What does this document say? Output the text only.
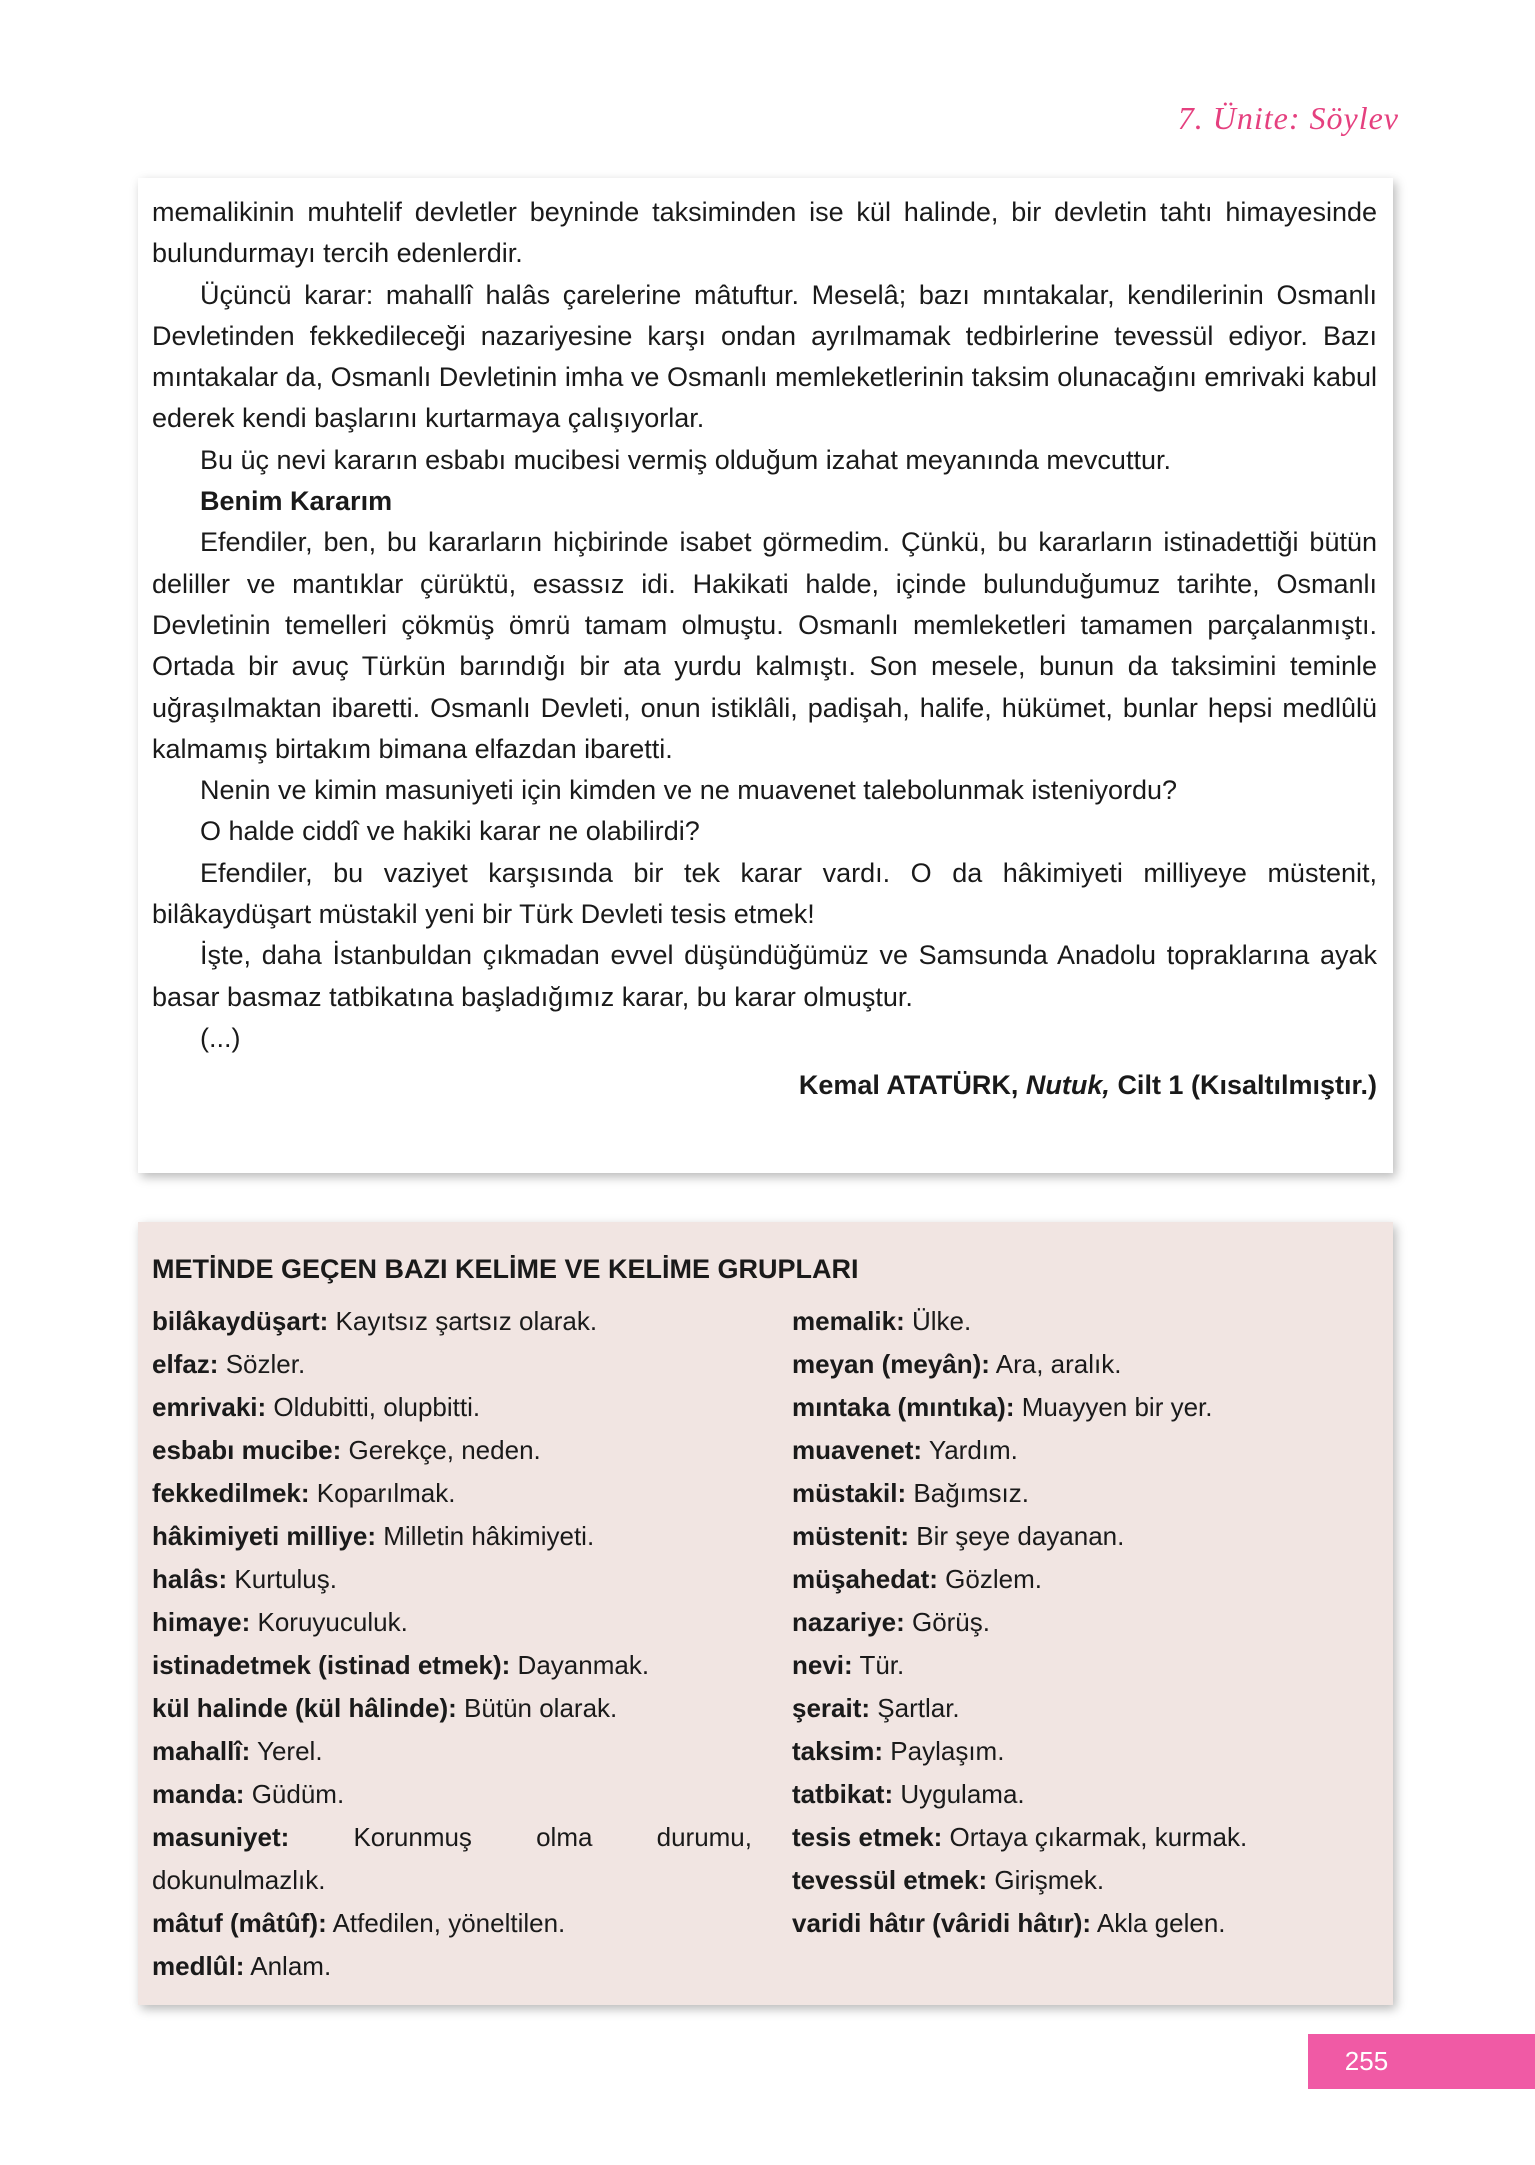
7. Ünite: Söylev

memalikinin muhtelif devletler beyninde taksiminden ise kül halinde, bir devletin tahtı himayesinde bulundurmayı tercih edenlerdir.

Üçüncü karar: mahallî halâs çarelerine mâtuftur. Meselâ; bazı mıntakalar, kendilerinin Osmanlı Devletinden fekkedileceği nazariyesine karşı ondan ayrılmamak tedbirlerine tevessül ediyor. Bazı mıntakalar da, Osmanlı Devletinin imha ve Osmanlı memleketlerinin taksim olunacağını emrivaki kabul ederek kendi başlarını kurtarmaya çalışıyorlar.

Bu üç nevi kararın esbabı mucibesi vermiş olduğum izahat meyanında mevcuttur.

Benim Kararım

Efendiler, ben, bu kararların hiçbirinde isabet görmedim. Çünkü, bu kararların istinadettiği bütün deliller ve mantıklar çürüktü, esassız idi. Hakikati halde, içinde bulunduğumuz tarihte, Osmanlı Devletinin temelleri çökmüş ömrü tamam olmuştu. Osmanlı memleketleri tamamen parçalanmıştı. Ortada bir avuç Türkün barındığı bir ata yurdu kalmıştı. Son mesele, bunun da taksimini teminle uğraşılmaktan ibaretti. Osmanlı Devleti, onun istiklâli, padişah, halife, hükümet, bunlar hepsi medlûlü kalmamış birtakım bimana elfazdan ibaretti.

Nenin ve kimin masuniyeti için kimden ve ne muavenet talebolunmak isteniyordu?

O halde ciddî ve hakiki karar ne olabilirdi?

Efendiler, bu vaziyet karşısında bir tek karar vardı. O da hâkimiyeti milliyeye müstenit, bilâkaydüşart müstakil yeni bir Türk Devleti tesis etmek!

İşte, daha İstanbuldan çıkmadan evvel düşündüğümüz ve Samsunda Anadolu topraklarına ayak basar basmaz tatbikatına başladığımız karar, bu karar olmuştur.

(...)

Kemal ATATÜRK, Nutuk, Cilt 1 (Kısaltılmıştır.)

METİNDE GEÇEN BAZI KELİME VE KELİME GRUPLARI
bilâkaydüşart: Kayıtsız şartsız olarak.
elfaz: Sözler.
emrivaki: Oldubitti, olupbitti.
esbabı mucibe: Gerekçe, neden.
fekkedilmek: Koparılmak.
hâkimiyeti milliye: Milletin hâkimiyeti.
halâs: Kurtuluş.
himaye: Koruyuculuk.
istinadetmek (istinad etmek): Dayanmak.
kül halinde (kül hâlinde): Bütün olarak.
mahallî: Yerel.
manda: Güdüm.
masuniyet: Korunmuş olma durumu, dokunulmazlık.
mâtuf (mâtûf): Atfedilen, yöneltilen.
medlûl: Anlam.
memalik: Ülke.
meyan (meyân): Ara, aralık.
mıntaka (mıntıka): Muayyen bir yer.
muavenet: Yardım.
müstakil: Bağımsız.
müstenit: Bir şeye dayanan.
müşahedat: Gözlem.
nazariye: Görüş.
nevi: Tür.
şerait: Şartlar.
taksim: Paylaşım.
tatbikat: Uygulama.
tesis etmek: Ortaya çıkarmak, kurmak.
tevessül etmek: Girişmek.
varidi hâtır (vâridi hâtır): Akla gelen.
255
